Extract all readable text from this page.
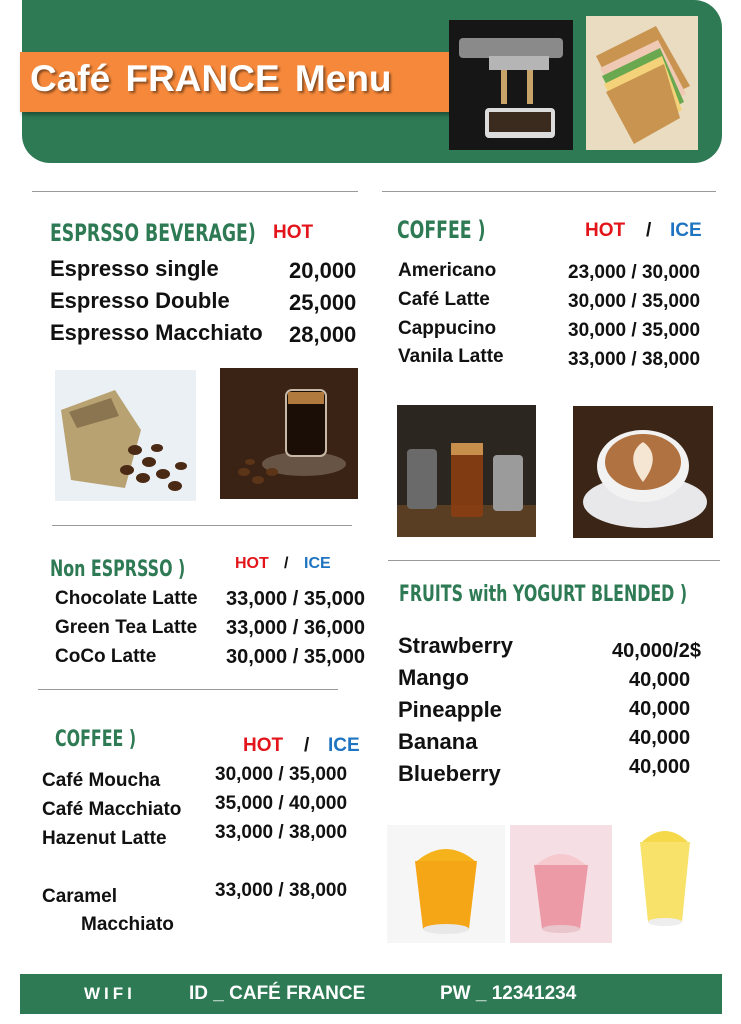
Café FRANCE Menu
ESPRSSO BEVERAGE) HOT
Espresso single	20,000
Espresso Double	25,000
Espresso Macchiato 28,000
COFFEE )	HOT / ICE
Americano	23,000 / 30,000
Café Latte	30,000 / 35,000
Cappucino	30,000 / 35,000
Vanila Latte	33,000 / 38,000
Non ESPRSSO )	HOT / ICE
Chocolate Latte 33,000 / 35,000
Green Tea Latte 33,000 / 36,000
CoCo Latte	30,000 / 35,000
COFFEE )	HOT / ICE
Café Moucha	30,000 / 35,000
Café Macchiato 35,000 / 40,000
Hazenut Latte	33,000 / 38,000
Caramel
Macchiato
33,000 / 38,000
FRUITS with YOGURT BLENDED )
Strawberry	40,000/2$
Mango	40,000
Pineapple	40,000
Banana	40,000
Blueberry	40,000
WIFI	ID _ CAFÉ FRANCE	PW _ 12341234
